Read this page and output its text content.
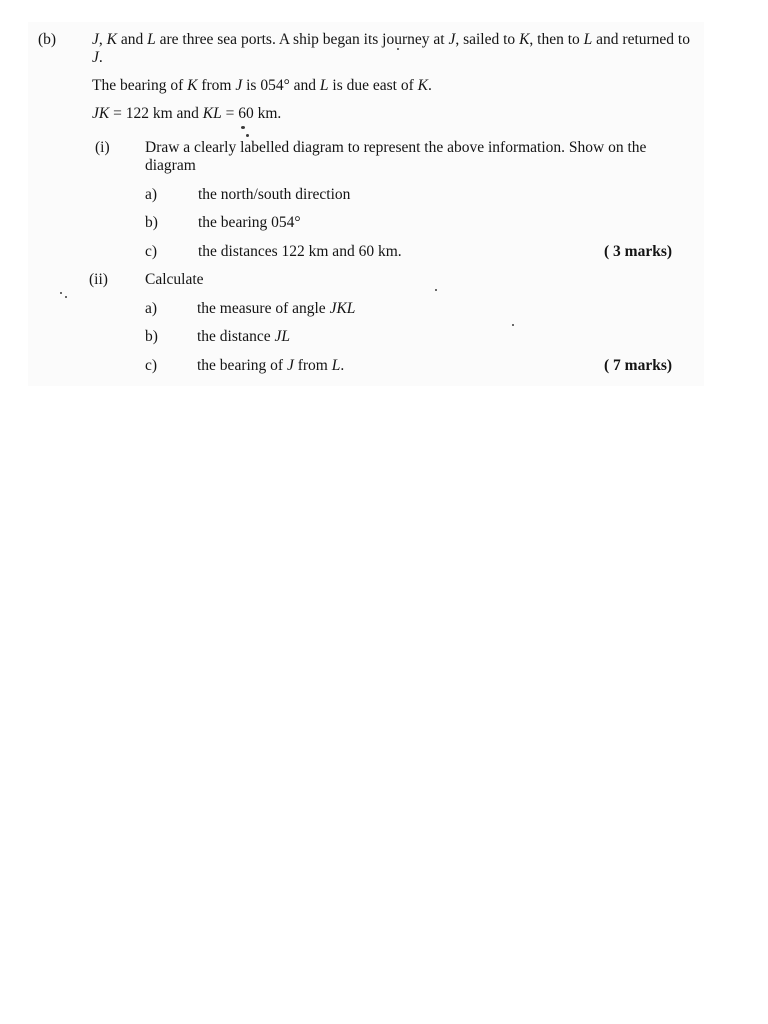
(b) J, K and L are three sea ports. A ship began its journey at J, sailed to K, then to L and returned to J.
The bearing of K from J is 054° and L is due east of K.
JK = 122 km and KL = 60 km.
(i) Draw a clearly labelled diagram to represent the above information. Show on the diagram
a)	the north/south direction
b)	the bearing 054°
c)	the distances 122 km and 60 km.	( 3 marks)
(ii) Calculate
a)	the measure of angle JKL
b)	the distance JL
c)	the bearing of J from L.	( 7 marks)
